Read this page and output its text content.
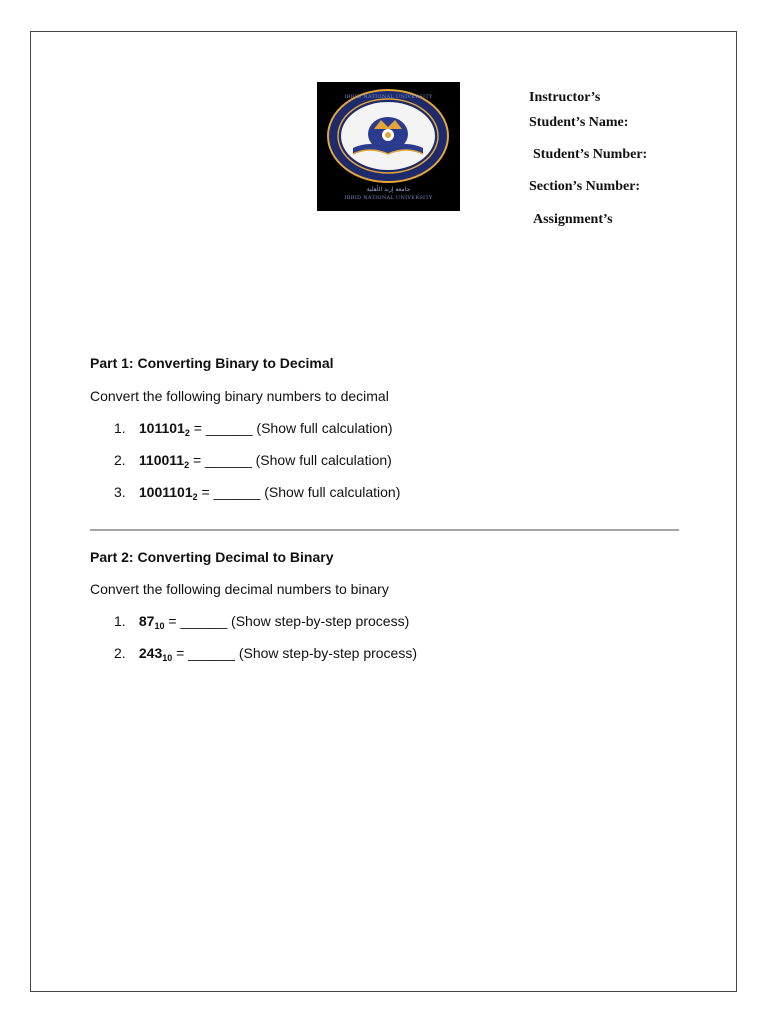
IRBID NATIONAL UNIVERSITY
جامعة إربد الأهلية
IRBID NATIONAL UNIVERSITY
Instructor’s
Student’s Name:
Student’s Number:
Section’s Number:
Assignment’s
Part 1: Converting Binary to Decimal
Convert the following binary numbers to decimal
1. $101101_2$ = ______ (Show full calculation)
2. $110011_2$ = ______ (Show full calculation)
3. $1001101_2$ = ______ (Show full calculation)
Part 2: Converting Decimal to Binary
Convert the following decimal numbers to binary
1. $87_{10}$ = ______ (Show step-by-step process)
2. $243_{10}$ = ______ (Show step-by-step process)
